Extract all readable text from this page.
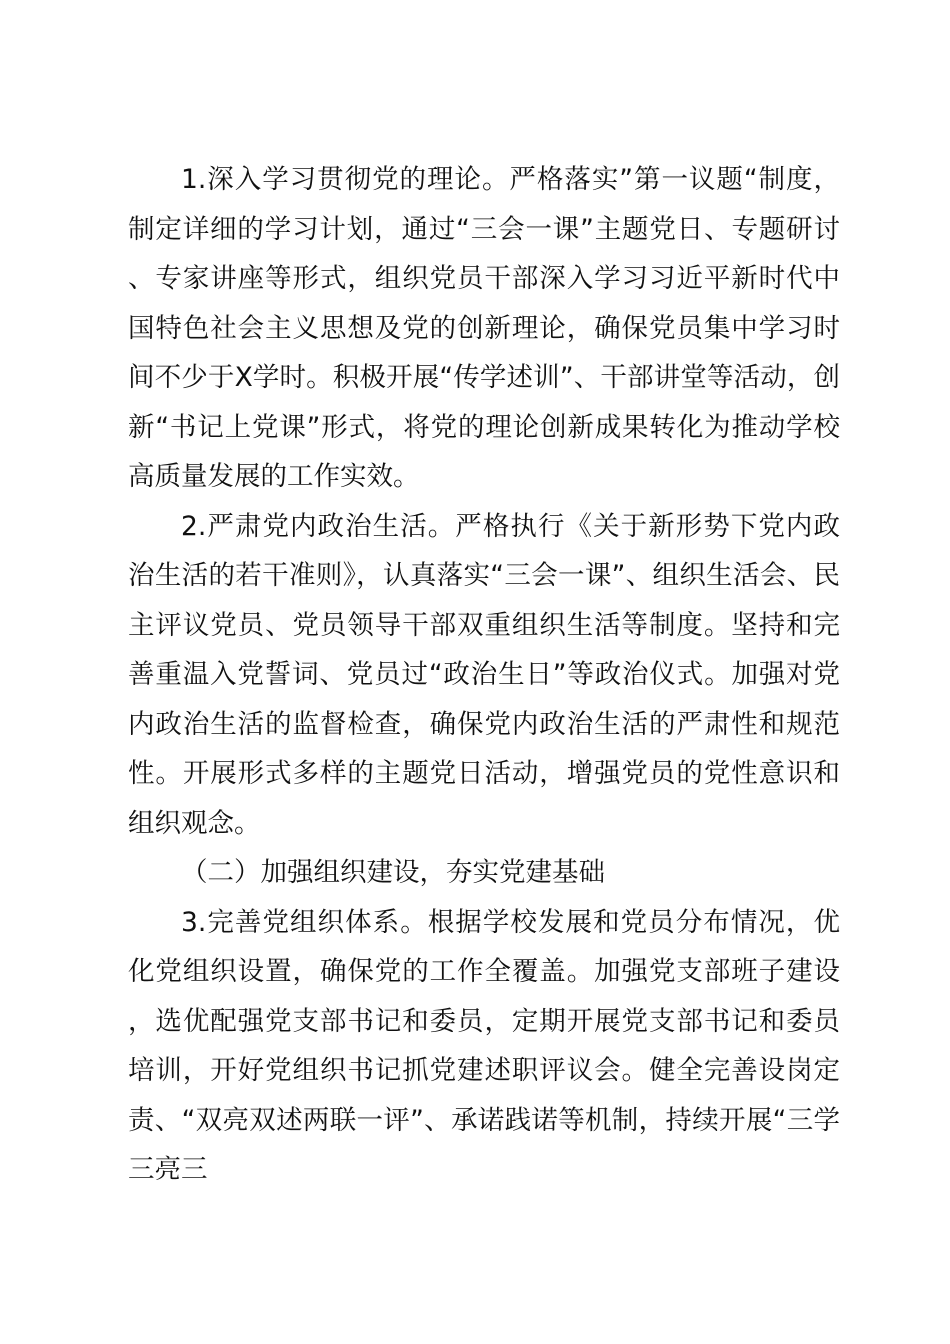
1.深入学习贯彻党的理论。严格落实”第一议题“制度，制定详细的学习计划，通过“三会一课”主题党日、专题研讨、专家讲座等形式，组织党员干部深入学习习近平新时代中国特色社会主义思想及党的创新理论，确保党员集中学习时间不少于X学时。积极开展“传学述训”、干部讲堂等活动，创新“书记上党课”形式，将党的理论创新成果转化为推动学校高质量发展的工作实效。

2.严肃党内政治生活。严格执行《关于新形势下党内政治生活的若干准则》，认真落实“三会一课”、组织生活会、民主评议党员、党员领导干部双重组织生活等制度。坚持和完善重温入党誓词、党员过“政治生日”等政治仪式。加强对党内政治生活的监督检查，确保党内政治生活的严肃性和规范性。开展形式多样的主题党日活动，增强党员的党性意识和组织观念。

（二）加强组织建设，夯实党建基础

3.完善党组织体系。根据学校发展和党员分布情况，优化党组织设置，确保党的工作全覆盖。加强党支部班子建设，选优配强党支部书记和委员，定期开展党支部书记和委员培训，开好党组织书记抓党建述职评议会。健全完善设岗定责、“双亮双述两联一评”、承诺践诺等机制，持续开展“三学三亮三
